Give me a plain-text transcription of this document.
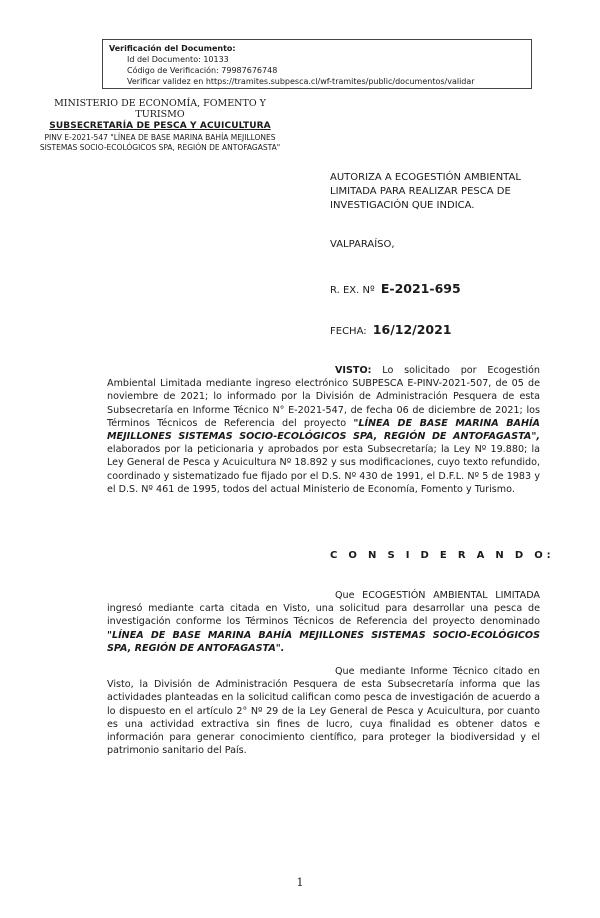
Verificación del Documento:
• Id del Documento: 10133
• Código de Verificación: 79987676748
• Verificar validez en https://tramites.subpesca.cl/wf-tramites/public/documentos/validar
MINISTERIO DE ECONOMÍA, FOMENTO Y TURISMO
SUBSECRETARÍA DE PESCA Y ACUICULTURA
PINV E-2021-547 "LÍNEA DE BASE MARINA BAHÍA MEJILLONES SISTEMAS SOCIO-ECOLÓGICOS SPA, REGIÓN DE ANTOFAGASTA"
AUTORIZA A ECOGESTIÓN AMBIENTAL LIMITADA PARA REALIZAR PESCA DE INVESTIGACIÓN QUE INDICA.
VALPARAÍSO,
R. EX. Nº E-2021-695
FECHA: 16/12/2021
VISTO: Lo solicitado por Ecogestión Ambiental Limitada mediante ingreso electrónico SUBPESCA E-PINV-2021-507, de 05 de noviembre de 2021; lo informado por la División de Administración Pesquera de esta Subsecretaría en Informe Técnico N° E-2021-547, de fecha 06 de diciembre de 2021; los Términos Técnicos de Referencia del proyecto "LÍNEA DE BASE MARINA BAHÍA MEJILLONES SISTEMAS SOCIO-ECOLÓGICOS SPA, REGIÓN DE ANTOFAGASTA", elaborados por la peticionaria y aprobados por esta Subsecretaría; la Ley Nº 19.880; la Ley General de Pesca y Acuicultura Nº 18.892 y sus modificaciones, cuyo texto refundido, coordinado y sistematizado fue fijado por el D.S. Nº 430 de 1991, el D.F.L. Nº 5 de 1983 y el D.S. Nº 461 de 1995, todos del actual Ministerio de Economía, Fomento y Turismo.
C O N S I D E R A N D O:
Que ECOGESTIÓN AMBIENTAL LIMITADA ingresó mediante carta citada en Visto, una solicitud para desarrollar una pesca de investigación conforme los Términos Técnicos de Referencia del proyecto denominado "LÍNEA DE BASE MARINA BAHÍA MEJILLONES SISTEMAS SOCIO-ECOLÓGICOS SPA, REGIÓN DE ANTOFAGASTA".
Que mediante Informe Técnico citado en Visto, la División de Administración Pesquera de esta Subsecretaría informa que las actividades planteadas en la solicitud califican como pesca de investigación de acuerdo a lo dispuesto en el artículo 2° Nº 29 de la Ley General de Pesca y Acuicultura, por cuanto es una actividad extractiva sin fines de lucro, cuya finalidad es obtener datos e información para generar conocimiento científico, para proteger la biodiversidad y el patrimonio sanitario del País.
1
